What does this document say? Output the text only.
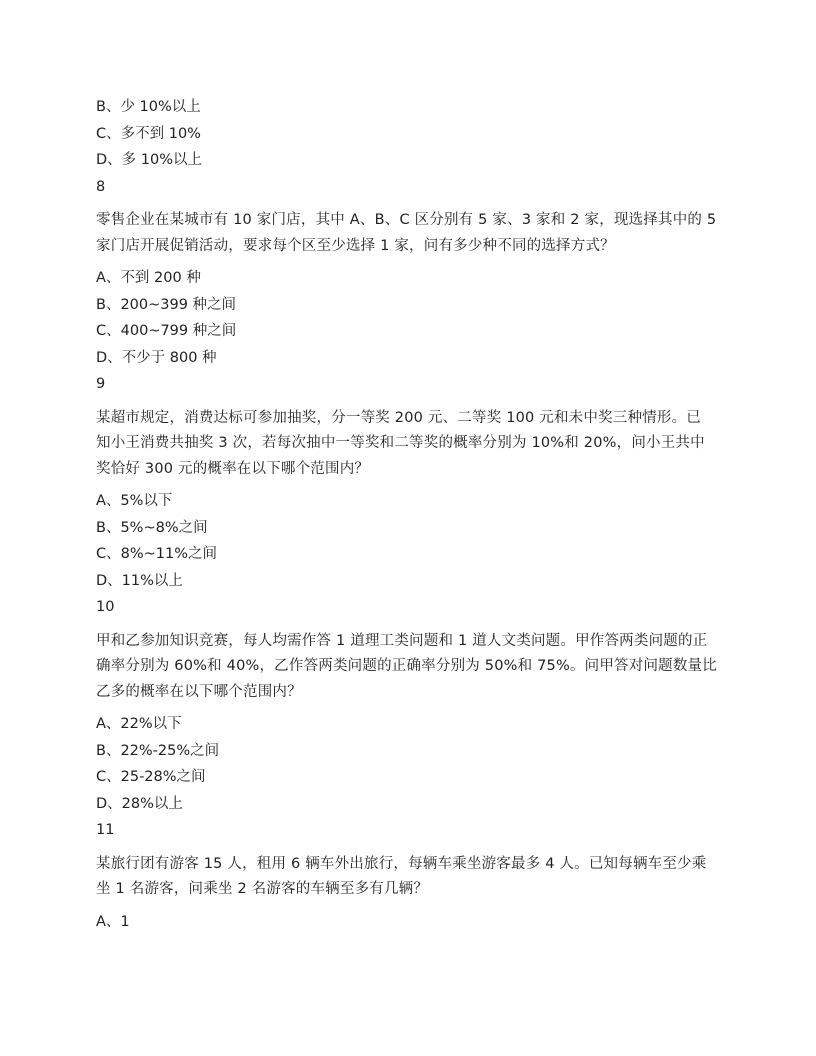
B、少 10%以上

C、多不到 10%

D、多 10%以上

8

零售企业在某城市有 10 家门店，其中 A、B、C 区分别有 5 家、3 家和 2 家，现选择其中的 5 家门店开展促销活动，要求每个区至少选择 1 家，问有多少种不同的选择方式？

A、不到 200 种

B、200~399 种之间

C、400~799 种之间

D、不少于 800 种

9

某超市规定，消费达标可参加抽奖，分一等奖 200 元、二等奖 100 元和未中奖三种情形。已知小王消费共抽奖 3 次，若每次抽中一等奖和二等奖的概率分别为 10%和 20%，问小王共中奖恰好 300 元的概率在以下哪个范围内？

A、5%以下

B、5%~8%之间

C、8%~11%之间

D、11%以上

10

甲和乙参加知识竞赛，每人均需作答 1 道理工类问题和 1 道人文类问题。甲作答两类问题的正确率分别为 60%和 40%，乙作答两类问题的正确率分别为 50%和 75%。问甲答对问题数量比乙多的概率在以下哪个范围内？

A、22%以下

B、22%-25%之间

C、25-28%之间

D、28%以上

11

某旅行团有游客 15 人，租用 6 辆车外出旅行，每辆车乘坐游客最多 4 人。已知每辆车至少乘坐 1 名游客，问乘坐 2 名游客的车辆至多有几辆？

A、1
